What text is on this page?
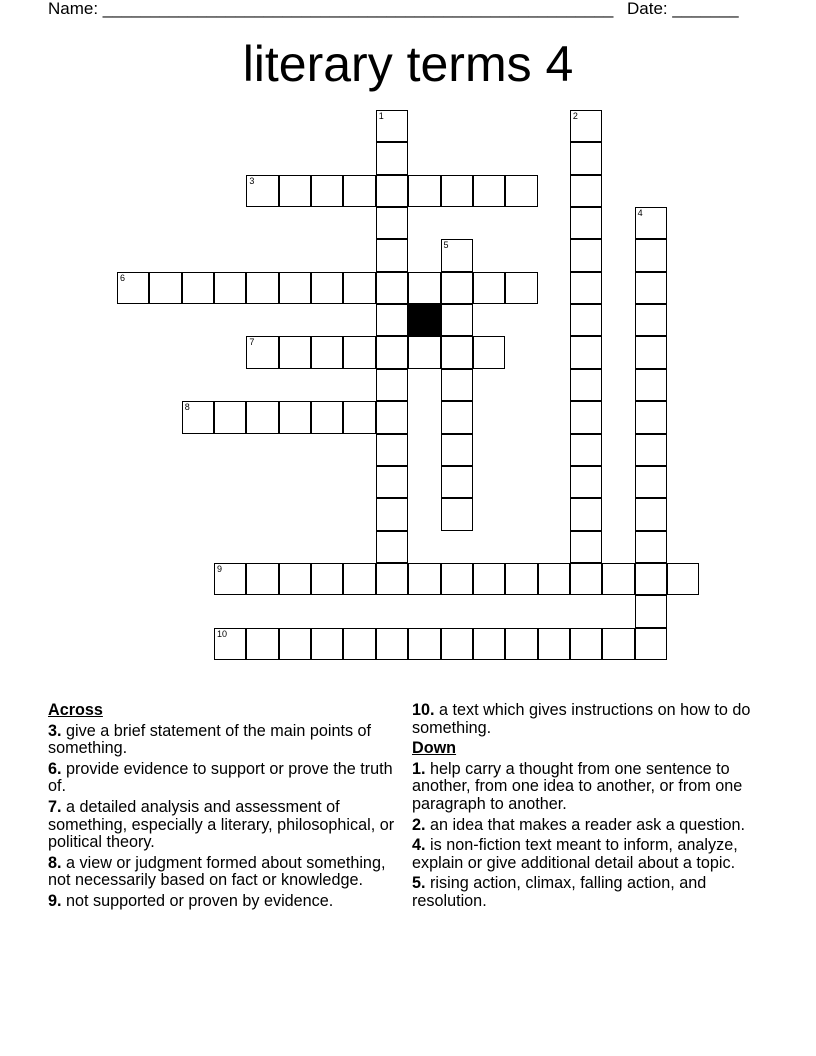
Name: ______________________________________________________ Date: _______
literary terms 4
1	2
3
4
5
6
7
8
9
10
Across
3. give a brief statement of the main points of something.
6. provide evidence to support or prove the truth of.
7. a detailed analysis and assessment of something, especially a literary, philosophical, or political theory.
8. a view or judgment formed about something, not necessarily based on fact or knowledge.
9. not supported or proven by evidence.
10. a text which gives instructions on how to do something.
Down
1. help carry a thought from one sentence to another, from one idea to another, or from one paragraph to another.
2. an idea that makes a reader ask a question.
4. is non-fiction text meant to inform, analyze, explain or give additional detail about a topic.
5. rising action, climax, falling action, and resolution.
